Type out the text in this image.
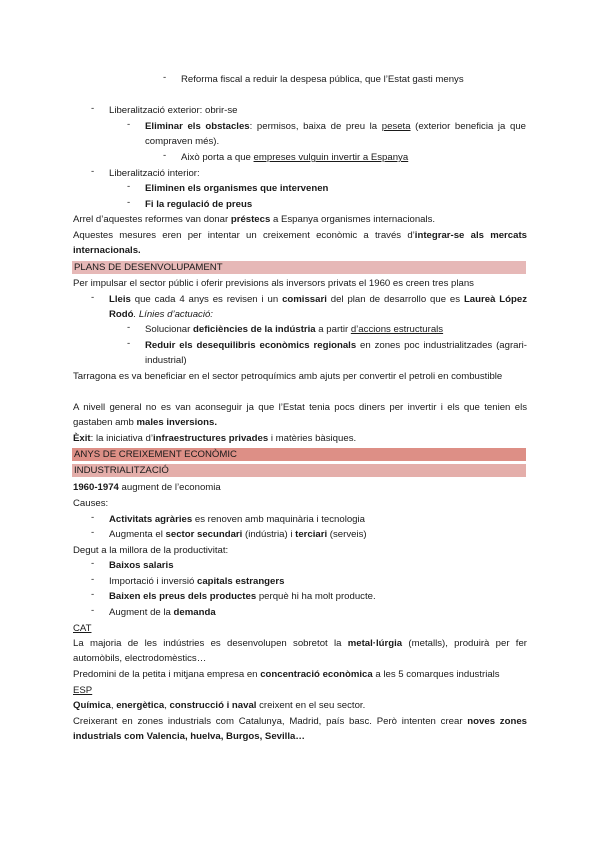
- Reforma fiscal a reduir la despesa pública, que l’Estat gasti menys
- Liberalització exterior: obrir-se
- Eliminar els obstacles: permisos, baixa de preu la peseta (exterior beneficia ja que compraven més).
- Això porta a que empreses vulguin invertir a Espanya
- Liberalització interior:
- Eliminen els organismes que intervenen
- Fi la regulació de preus
Arrel d’aquestes reformes van donar préstecs a Espanya organismes internacionals.
Aquestes mesures eren per intentar un creixement econòmic a través d’integrar-se als mercats internacionals.
PLANS DE DESENVOLUPAMENT
Per impulsar el sector públic i oferir previsions als inversors privats el 1960 es creen tres plans
- Lleis que cada 4 anys es revisen i un comissari del plan de desarrollo que es Laureà López Rodó. Línies d’actuació:
- Solucionar deficiències de la indústria a partir d’accions estructurals
- Reduir els desequilibris econòmics regionals en zones poc industrialitzades (agrari-industrial)
Tarragona es va beneficiar en el sector petroquímics amb ajuts per convertir el petroli en combustible
A nivell general no es van aconseguir ja que l’Estat tenia pocs diners per invertir i els que tenien els gastaben amb males inversions.
Èxit: la iniciativa d’infraestructures privades i matèries bàsiques.
ANYS DE CREIXEMENT ECONÒMIC
INDUSTRIALITZACIÓ
1960-1974 augment de l’economia
Causes:
- Activitats agràries es renoven amb maquinària i tecnologia
- Augmenta el sector secundari (indústria) i terciari (serveis)
Degut a la millora de la productivitat:
- Baixos salaris
- Importació i inversió capitals estrangers
- Baixen els preus dels productes perquè hi ha molt producte.
- Augment de la demanda
CAT
La majoria de les indústries es desenvolupen sobretot la metal·lúrgia (metalls), produirà per fer automòbils, electrodomèstics…
Predomini de la petita i mitjana empresa en concentració econòmica a les 5 comarques industrials
ESP
Química, energètica, construcció i naval creixent en el seu sector.
Creixerant en zones industrials com Catalunya, Madrid, país basc. Però intenten crear noves zones industrials com Valencia, huelva, Burgos, Sevilla…
